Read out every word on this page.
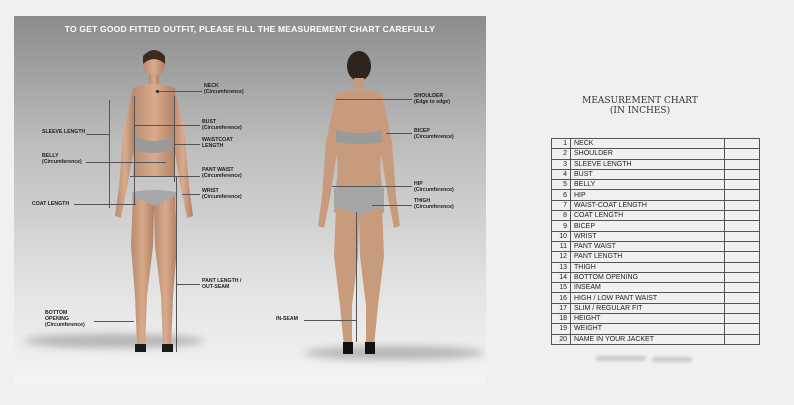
TO GET GOOD FITTED OUTFIT, PLEASE FILL THE MEASUREMENT CHART CAREFULLY
NECK
(Circumference)
SLEEVE LENGTH
BUST
(Circumference)
WAISTCOAT
LENGTH
BELLY
(Circumference)
PANT WAIST
(Circumference)
WRIST
(Circumference)
COAT LENGTH
PANT LENGTH /
OUT-SEAM
BOTTOM
OPENING
(Circumference)
SHOULDER
(Edge to edge)
BICEP
(Circumference)
HIP
(Circumference)
THIGH
(Circumference)
IN-SEAM
MEASUREMENT CHART
(IN INCHES)
1	NECK	
2	SHOULDER	
3	SLEEVE LENGTH	
4	BUST	
5	BELLY	
6	HIP	
7	WAIST-COAT LENGTH	
8	COAT LENGTH	
9	BICEP	
10	WRIST	
11	PANT WAIST	
12	PANT LENGTH	
13	THIGH	
14	BOTTOM OPENING	
15	INSEAM	
16	HIGH / LOW PANT WAIST	
17	SLIM / REGULAR FIT	
18	HEIGHT	
19	WEIGHT	
20	NAME IN YOUR JACKET	
